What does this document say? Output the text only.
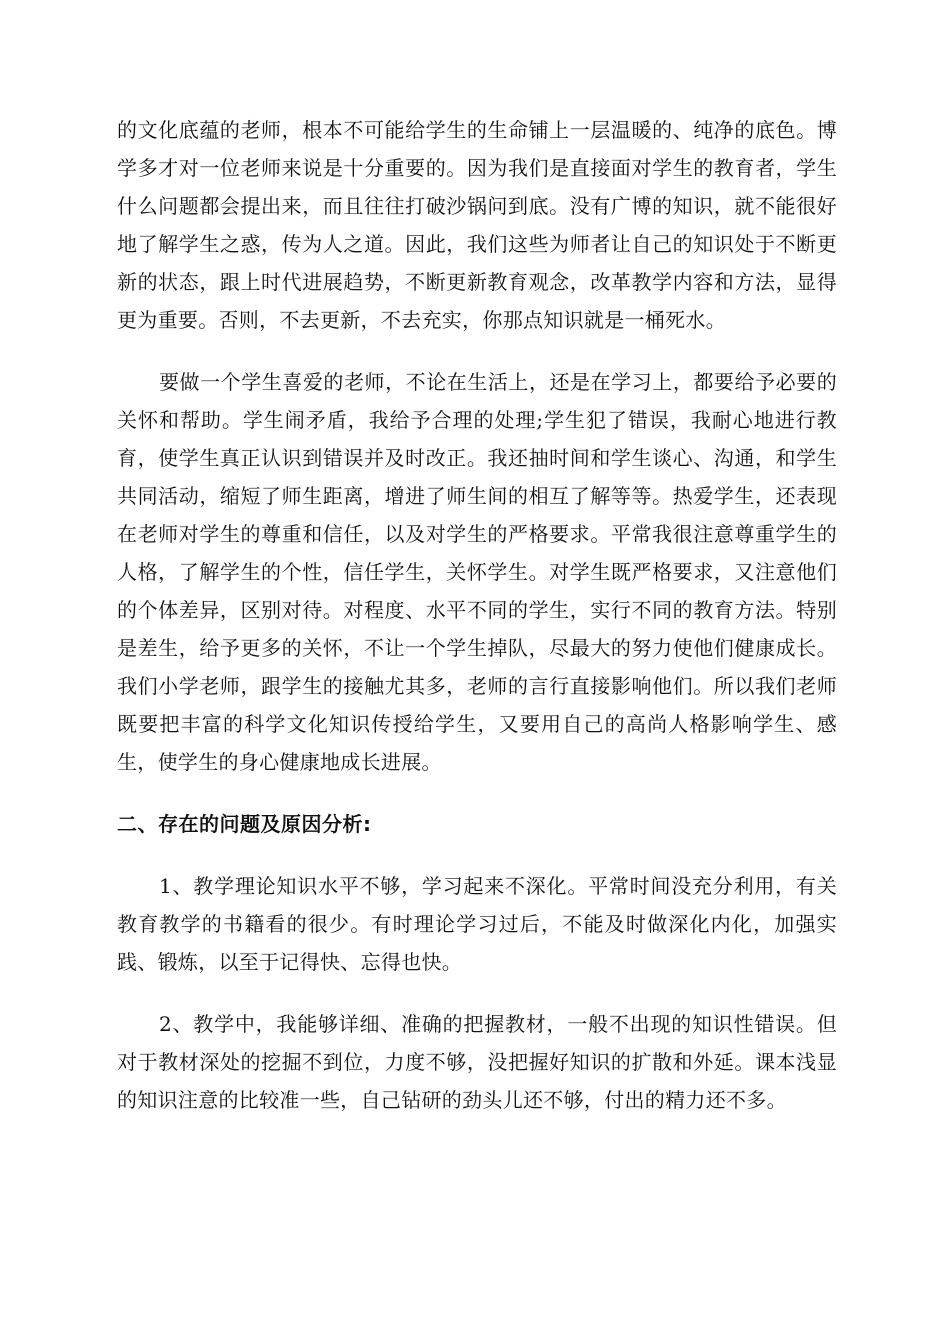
的文化底蕴的老师，根本不可能给学生的生命铺上一层温暖的、纯净的底色。博学多才对一位老师来说是十分重要的。因为我们是直接面对学生的教育者，学生什么问题都会提出来，而且往往打破沙锅问到底。没有广博的知识，就不能很好地了解学生之惑，传为人之道。因此，我们这些为师者让自己的知识处于不断更新的状态，跟上时代进展趋势，不断更新教育观念，改革教学内容和方法，显得更为重要。否则，不去更新，不去充实，你那点知识就是一桶死水。

要做一个学生喜爱的老师，不论在生活上，还是在学习上，都要给予必要的关怀和帮助。学生闹矛盾，我给予合理的处理;学生犯了错误，我耐心地进行教育，使学生真正认识到错误并及时改正。我还抽时间和学生谈心、沟通，和学生共同活动，缩短了师生距离，增进了师生间的相互了解等等。热爱学生，还表现在老师对学生的尊重和信任，以及对学生的严格要求。平常我很注意尊重学生的人格，了解学生的个性，信任学生，关怀学生。对学生既严格要求，又注意他们的个体差异，区别对待。对程度、水平不同的学生，实行不同的教育方法。特别是差生，给予更多的关怀，不让一个学生掉队，尽最大的努力使他们健康成长。我们小学老师，跟学生的接触尤其多，老师的言行直接影响他们。所以我们老师既要把丰富的科学文化知识传授给学生，又要用自己的高尚人格影响学生、感生，使学生的身心健康地成长进展。

二、存在的问题及原因分析:

1、教学理论知识水平不够，学习起来不深化。平常时间没充分利用，有关教育教学的书籍看的很少。有时理论学习过后，不能及时做深化内化，加强实践、锻炼，以至于记得快、忘得也快。

2、教学中，我能够详细、准确的把握教材，一般不出现的知识性错误。但对于教材深处的挖掘不到位，力度不够，没把握好知识的扩散和外延。课本浅显的知识注意的比较准一些，自己钻研的劲头儿还不够，付出的精力还不多。
